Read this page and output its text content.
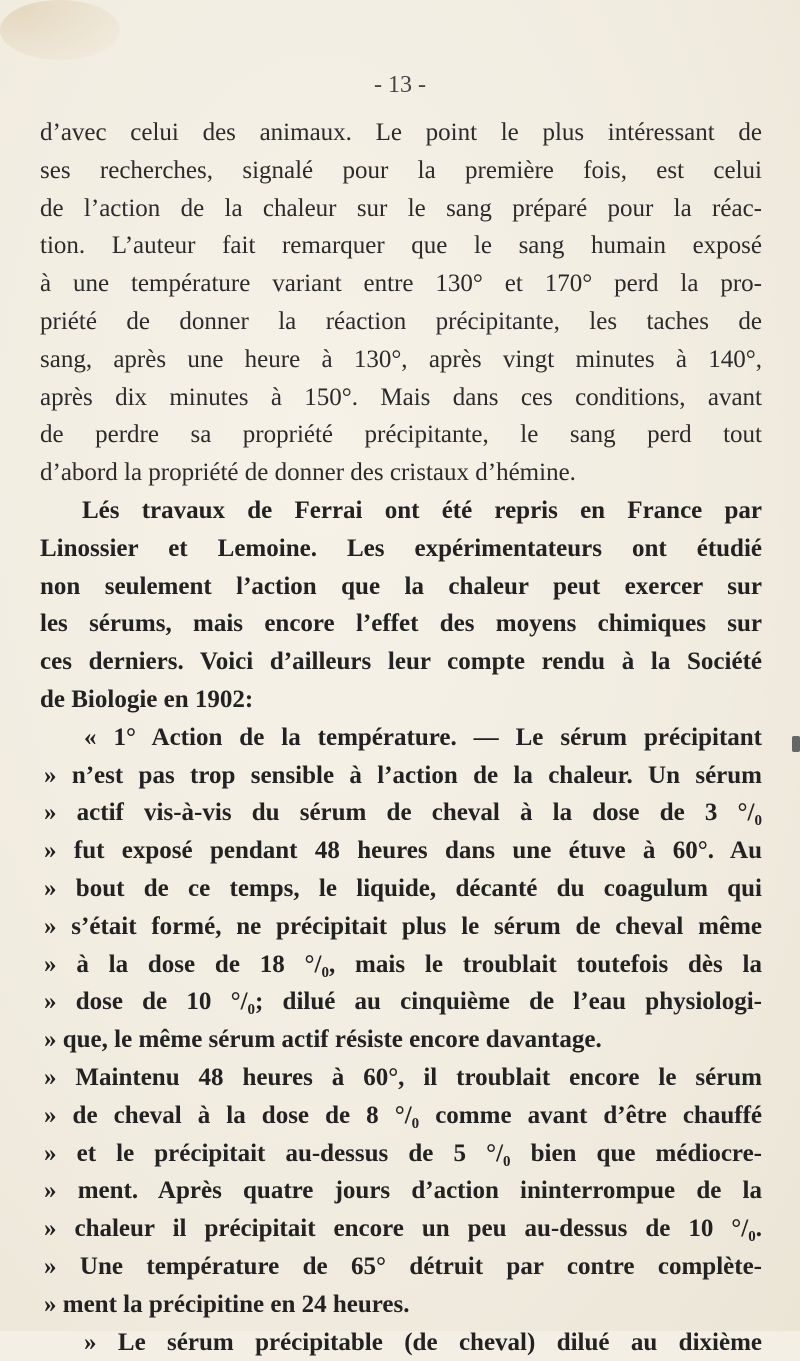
- 13 -
d’avec celui des animaux. Le point le plus intéressant de
ses recherches, signalé pour la première fois, est celui
de l’action de la chaleur sur le sang préparé pour la réac-
tion. L’auteur fait remarquer que le sang humain exposé
à une température variant entre 130° et 170° perd la pro-
priété de donner la réaction précipitante, les taches de
sang, après une heure à 130°, après vingt minutes à 140°,
après dix minutes à 150°. Mais dans ces conditions, avant
de perdre sa propriété précipitante, le sang perd tout
d’abord la propriété de donner des cristaux d’hémine.
Lés travaux de Ferrai ont été repris en France par
Linossier et Lemoine. Les expérimentateurs ont étudié
non seulement l’action que la chaleur peut exercer sur
les sérums, mais encore l’effet des moyens chimiques sur
ces derniers. Voici d’ailleurs leur compte rendu à la Société
de Biologie en 1902:
« 1° Action de la température. — Le sérum précipitant
» n’est pas trop sensible à l’action de la chaleur. Un sérum
» actif vis-à-vis du sérum de cheval à la dose de 3 °/₀
» fut exposé pendant 48 heures dans une étuve à 60°. Au
» bout de ce temps, le liquide, décanté du coagulum qui
» s’était formé, ne précipitait plus le sérum de cheval même
» à la dose de 18 °/₀, mais le troublait toutefois dès la
» dose de 10 °/₀; dilué au cinquième de l’eau physiologi-
» que, le même sérum actif résiste encore davantage.
» Maintenu 48 heures à 60°, il troublait encore le sérum
» de cheval à la dose de 8 °/₀ comme avant d’être chauffé
» et le précipitait au-dessus de 5 °/₀ bien que médiocre-
» ment. Après quatre jours d’action ininterrompue de la
» chaleur il précipitait encore un peu au-dessus de 10 °/₀.
» Une température de 65° détruit par contre complète-
» ment la précipitine en 24 heures.
» Le sérum précipitable (de cheval) dilué au dixième
